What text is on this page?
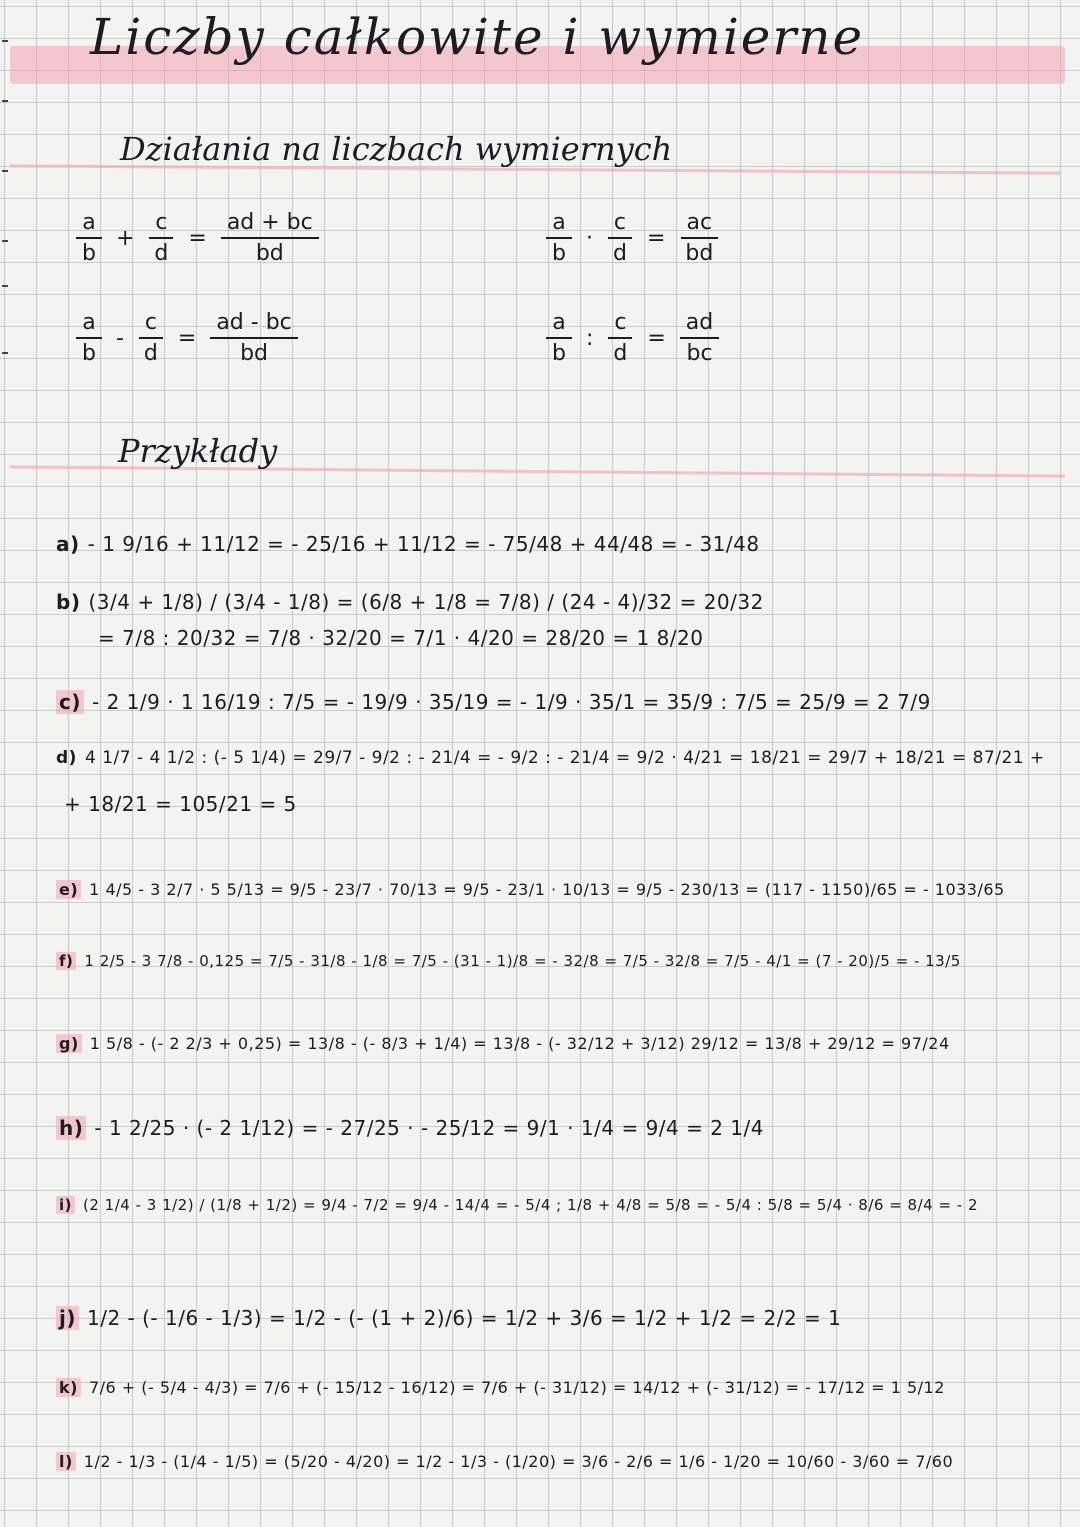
Liczby całkowite i wymierne
Działania na liczbach wymiernych
$\frac{a}{b} + \frac{c}{d} = \frac{ad + bc}{bd}$	$\frac{a}{b} \cdot \frac{c}{d} = \frac{ac}{bd}$
$\frac{a}{b} - \frac{c}{d} = \frac{ad - bc}{bd}$	$\frac{a}{b}$ : $\frac{c}{d} = \frac{ad}{bc}$
Przykłady
a) - 1 9/16 + 11/12 = - 25/16 + 11/12 = - 75/48 + 44/48 = - 31/48
b) (3/4 + 1/8) / (3/4 - 1/8) = (6/8 + 1/8 = 7/8) / (24 - 4)/32 = 20/32
= 7/8 : 20/32 = 7/8 · 32/20 = 7/1 · 4/20 = 28/20 = 1 8/20
c) - 2 1/9 · 1 16/19 : 7/5 = - 19/9 · 35/19 = - 1/9 · 35/1 = 35/9 : 7/5 = 25/9 = 2 7/9
d) 4 1/7 - 4 1/2 : (- 5 1/4) = 29/7 - 9/2 : - 21/4 = - 9/2 : - 21/4 = 9/2 · 4/21 = 18/21 = 29/7 + 18/21 = 87/21 +
+ 18/21 = 105/21 = 5
e) 1 4/5 - 3 2/7 · 5 5/13 = 9/5 - 23/7 · 70/13 = 9/5 - 23/1 · 10/13 = 9/5 - 230/13 = (117 - 1150)/65 = - 1033/65
f) 1 2/5 - 3 7/8 - 0,125 = 7/5 - 31/8 - 1/8 = 7/5 - (31 - 1)/8 = - 32/8 = 7/5 - 32/8 = 7/5 - 4/1 = (7 - 20)/5 = - 13/5
g) 1 5/8 - (- 2 2/3 + 0,25) = 13/8 - (- 8/3 + 1/4) = 13/8 - (- 32/12 + 3/12) 29/12 = 13/8 + 29/12 = 97/24
h) - 1 2/25 · (- 2 1/12) = - 27/25 · - 25/12 = 9/1 · 1/4 = 9/4 = 2 1/4
i) (2 1/4 - 3 1/2) / (1/8 + 1/2) = 9/4 - 7/2 = 9/4 - 14/4 = - 5/4 ; 1/8 + 4/8 = 5/8 = - 5/4 : 5/8 = 5/4 · 8/6 = 8/4 = - 2
j) 1/2 - (- 1/6 - 1/3) = 1/2 - (- (1 + 2)/6) = 1/2 + 3/6 = 1/2 + 1/2 = 2/2 = 1
k) 7/6 + (- 5/4 - 4/3) = 7/6 + (- 15/12 - 16/12) = 7/6 + (- 31/12) = 14/12 + (- 31/12) = - 17/12 = 1 5/12
l) 1/2 - 1/3 - (1/4 - 1/5) = (5/20 - 4/20) = 1/2 - 1/3 - (1/20) = 3/6 - 2/6 = 1/6 - 1/20 = 10/60 - 3/60 = 7/60
